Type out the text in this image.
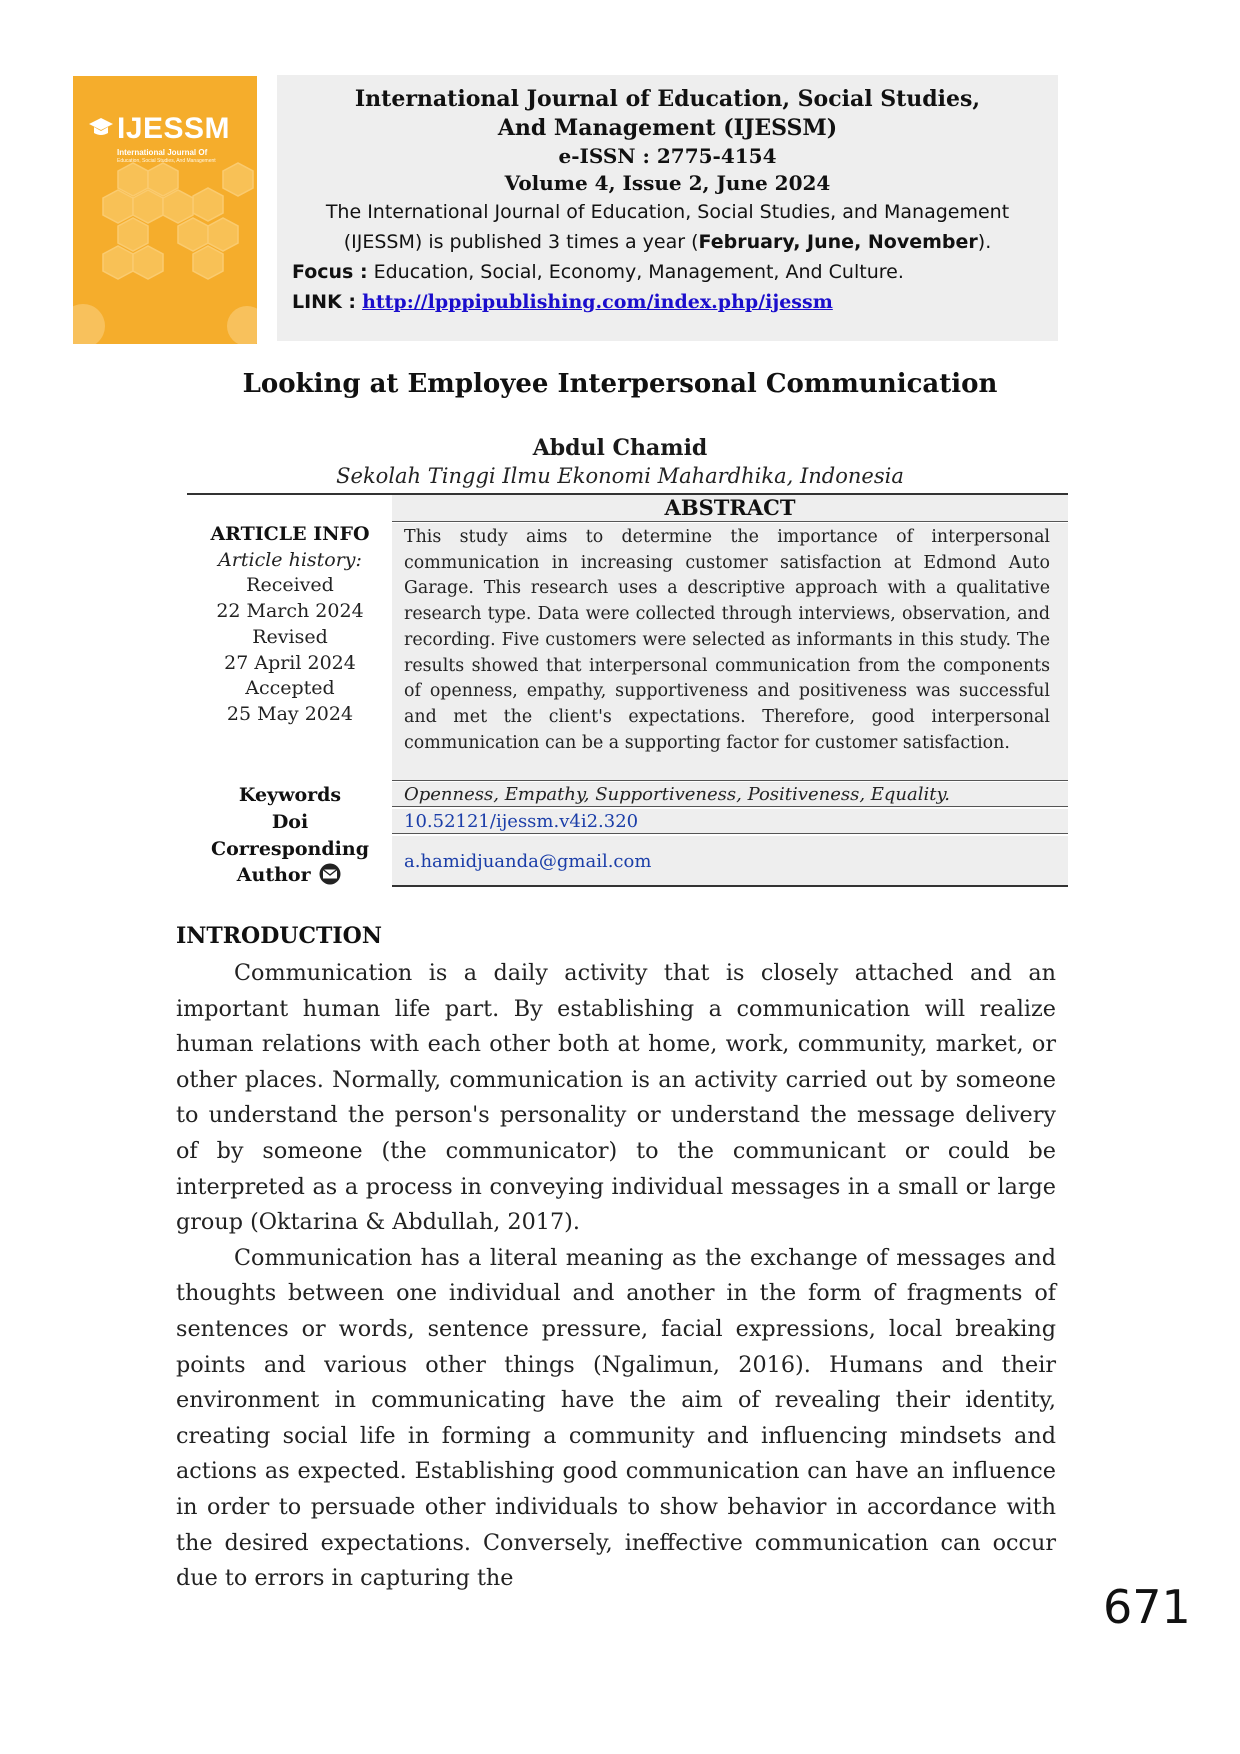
IJESSM
International Journal Of
Education, Social Studies, And Management
International Journal of Education, Social Studies,
And Management (IJESSM)
e-ISSN : 2775-4154
Volume 4, Issue 2, June 2024
The International Journal of Education, Social Studies, and Management
(IJESSM) is published 3 times a year (February, June, November).
Focus : Education, Social, Economy, Management, And Culture.
LINK : http://lpppipublishing.com/index.php/ijessm
Looking at Employee Interpersonal Communication
Abdul Chamid
Sekolah Tinggi Ilmu Ekonomi Mahardhika, Indonesia
ARTICLE INFO
Article history:
Received
22 March 2024
Revised
27 April 2024
Accepted
25 May 2024
ABSTRACT
This study aims to determine the importance of interpersonal communication in increasing customer satisfaction at Edmond Auto Garage. This research uses a descriptive approach with a qualitative research type. Data were collected through interviews, observation, and recording. Five customers were selected as informants in this study. The results showed that interpersonal communication from the components of openness, empathy, supportiveness and positiveness was successful and met the client's expectations. Therefore, good interpersonal communication can be a supporting factor for customer satisfaction.
Keywords	Openness, Empathy, Supportiveness, Positiveness, Equality.
Doi	10.52121/ijessm.v4i2.320
Corresponding
Author
a.hamidjuanda@gmail.com
INTRODUCTION

Communication is a daily activity that is closely attached and an important human life part. By establishing a communication will realize human relations with each other both at home, work, community, market, or other places. Normally, communication is an activity carried out by someone to understand the person's personality or understand the message delivery of by someone (the communicator) to the communicant or could be interpreted as a process in conveying individual messages in a small or large group (Oktarina & Abdullah, 2017).

Communication has a literal meaning as the exchange of messages and thoughts between one individual and another in the form of fragments of sentences or words, sentence pressure, facial expressions, local breaking points and various other things (Ngalimun, 2016). Humans and their environment in communicating have the aim of revealing their identity, creating social life in forming a community and influencing mindsets and actions as expected. Establishing good communication can have an influence in order to persuade other individuals to show behavior in accordance with the desired expectations. Conversely, ineffective communication can occur due to errors in capturing the

671
